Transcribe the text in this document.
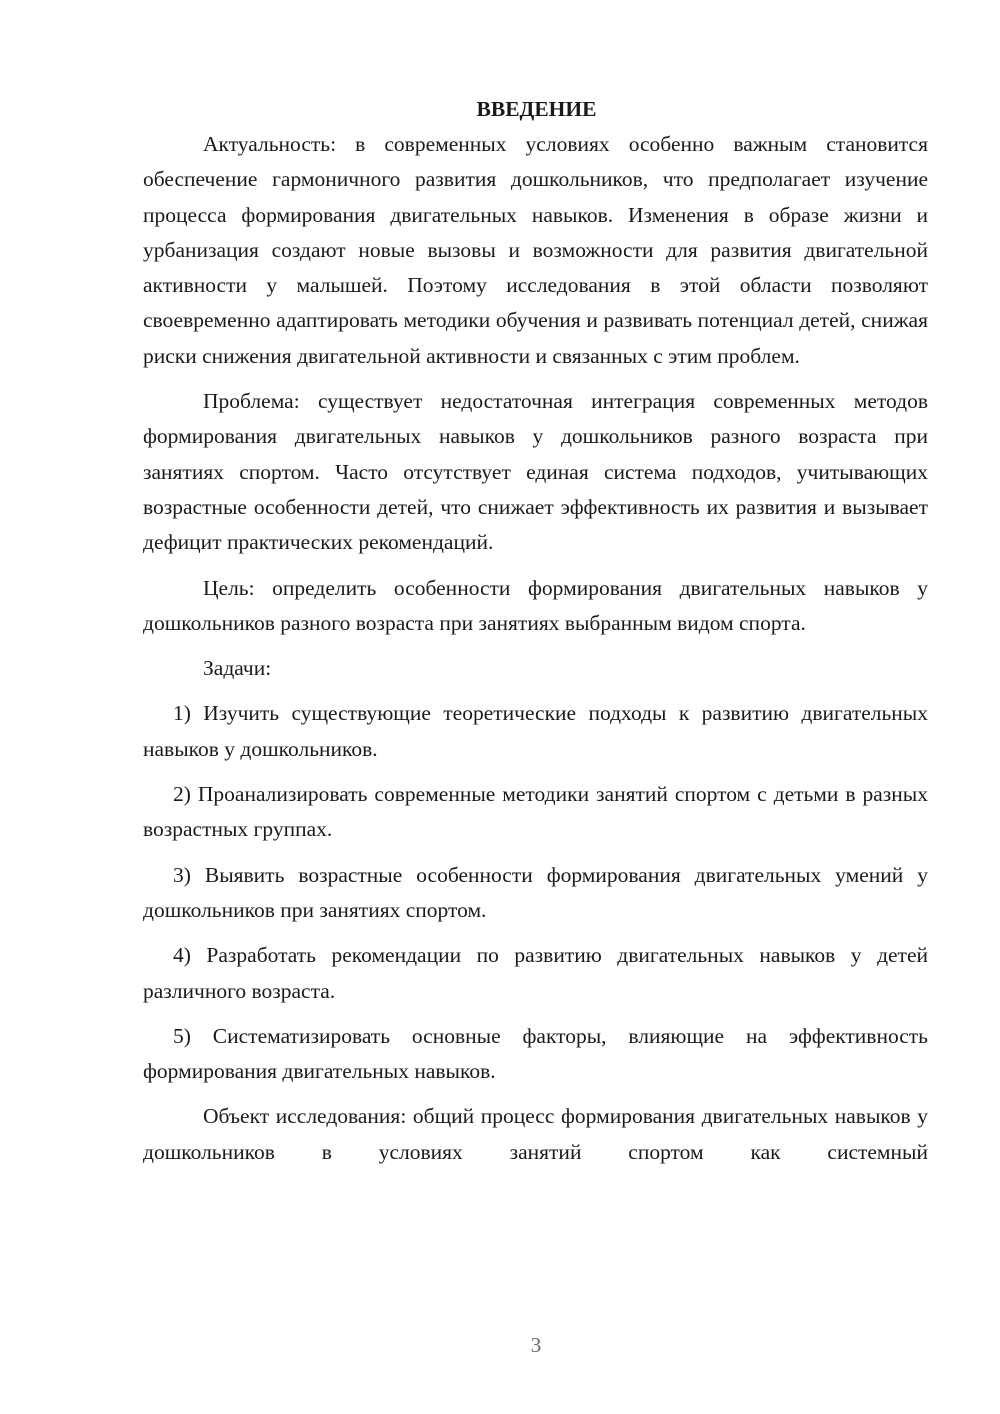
ВВЕДЕНИЕ

Актуальность: в современных условиях особенно важным становится обеспечение гармоничного развития дошкольников, что предполагает изучение процесса формирования двигательных навыков. Изменения в образе жизни и урбанизация создают новые вызовы и возможности для развития двигательной активности у малышей. Поэтому исследования в этой области позволяют своевременно адаптировать методики обучения и развивать потенциал детей, снижая риски снижения двигательной активности и связанных с этим проблем.

Проблема: существует недостаточная интеграция современных методов формирования двигательных навыков у дошкольников разного возраста при занятиях спортом. Часто отсутствует единая система подходов, учитывающих возрастные особенности детей, что снижает эффективность их развития и вызывает дефицит практических рекомендаций.

Цель: определить особенности формирования двигательных навыков у дошкольников разного возраста при занятиях выбранным видом спорта.

Задачи:

1) Изучить существующие теоретические подходы к развитию двигательных навыков у дошкольников.

2) Проанализировать современные методики занятий спортом с детьми в разных возрастных группах.

3) Выявить возрастные особенности формирования двигательных умений у дошкольников при занятиях спортом.

4) Разработать рекомендации по развитию двигательных навыков у детей различного возраста.

5) Систематизировать основные факторы, влияющие на эффективность формирования двигательных навыков.

Объект исследования: общий процесс формирования двигательных навыков у дошкольников в условиях занятий спортом как системный

3
